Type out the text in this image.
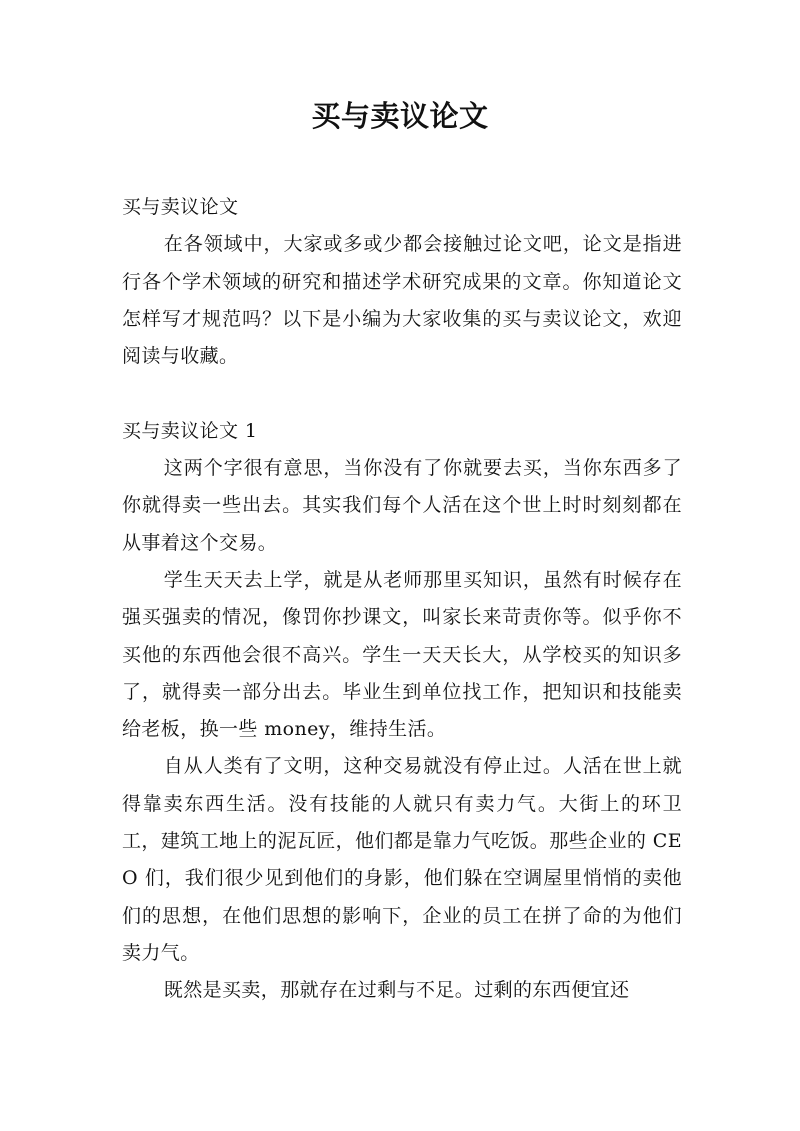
买与卖议论文

买与卖议论文

在各领域中，大家或多或少都会接触过论文吧，论文是指进行各个学术领域的研究和描述学术研究成果的文章。你知道论文怎样写才规范吗？以下是小编为大家收集的买与卖议论文，欢迎阅读与收藏。

买与卖议论文 1

这两个字很有意思，当你没有了你就要去买，当你东西多了你就得卖一些出去。其实我们每个人活在这个世上时时刻刻都在从事着这个交易。

学生天天去上学，就是从老师那里买知识，虽然有时候存在强买强卖的情况，像罚你抄课文，叫家长来苛责你等。似乎你不买他的东西他会很不高兴。学生一天天长大，从学校买的知识多了，就得卖一部分出去。毕业生到单位找工作，把知识和技能卖给老板，换一些 money，维持生活。

自从人类有了文明，这种交易就没有停止过。人活在世上就得靠卖东西生活。没有技能的人就只有卖力气。大街上的环卫工，建筑工地上的泥瓦匠，他们都是靠力气吃饭。那些企业的 CEO 们，我们很少见到他们的身影，他们躲在空调屋里悄悄的卖他们的思想，在他们思想的影响下，企业的员工在拼了命的为他们卖力气。

既然是买卖，那就存在过剩与不足。过剩的东西便宜还
